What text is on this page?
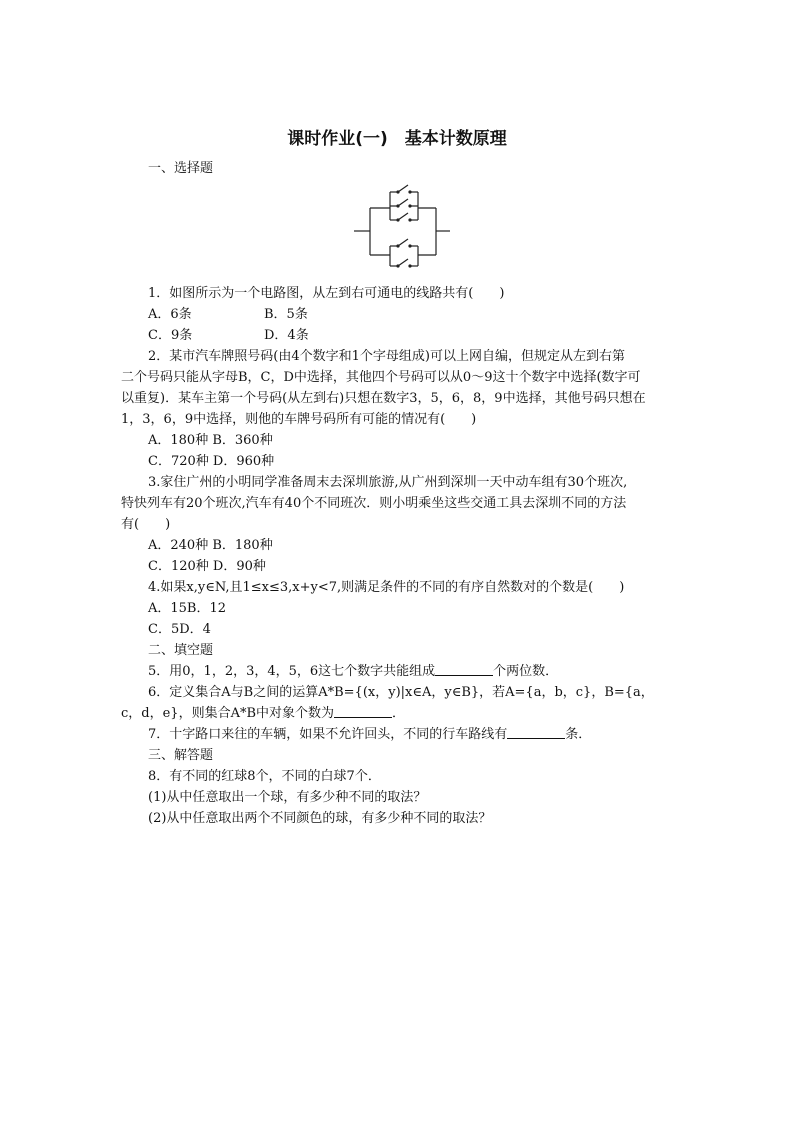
课时作业(一)　基本计数原理
一、选择题
1．如图所示为一个电路图，从左到右可通电的线路共有(　　)
A．6条	B．5条
C．9条	D．4条
2．某市汽车牌照号码(由4个数字和1个字母组成)可以上网自编，但规定从左到右第
二个号码只能从字母B，C，D中选择，其他四个号码可以从0～9这十个数字中选择(数字可
以重复)．某车主第一个号码(从左到右)只想在数字3，5，6，8，9中选择，其他号码只想在
1，3，6，9中选择，则他的车牌号码所有可能的情况有(　　)
A．180种 B．360种
C．720种 D．960种
3.家住广州的小明同学准备周末去深圳旅游,从广州到深圳一天中动车组有30个班次,
特快列车有20个班次,汽车有40个不同班次．则小明乘坐这些交通工具去深圳不同的方法
有(　　)
A．240种 B．180种
C．120种 D．90种
4.如果x,y∈N,且1≤x≤3,x+y<7,则满足条件的不同的有序自然数对的个数是(　　)
A．15B．12
C．5D．4
二、填空题
5．用0，1，2，3，4，5，6这七个数字共能组成	个两位数．
6．定义集合A与B之间的运算A*B={(x，y)|x∈A，y∈B}，若A={a，b，c}，B={a，
c，d，e}，则集合A*B中对象个数为	．
7．十字路口来往的车辆，如果不允许回头，不同的行车路线有	条．
三、解答题
8．有不同的红球8个，不同的白球7个．
(1)从中任意取出一个球，有多少种不同的取法？
(2)从中任意取出两个不同颜色的球，有多少种不同的取法？
